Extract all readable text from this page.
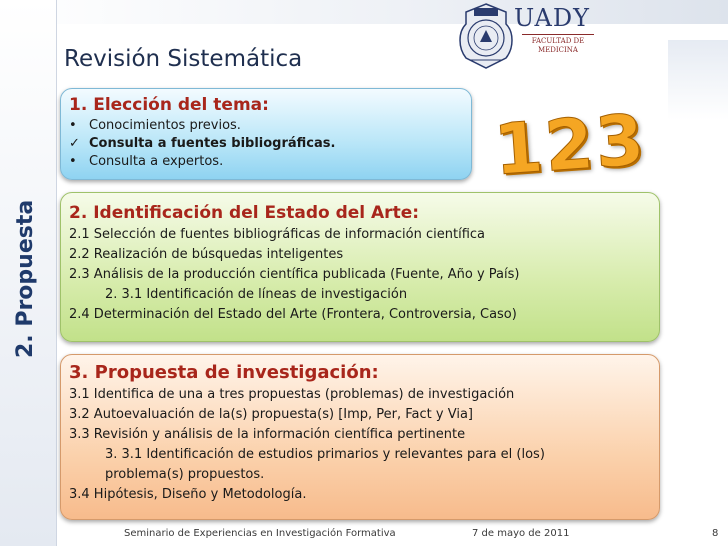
2. Propuesta
Revisión Sistemática
UADY
FACULTAD DE
MEDICINA
123
1. Elección del tema:
• Conocimientos previos.
✓ Consulta a fuentes bibliográficas.
• Consulta a expertos.
2. Identificación del Estado del Arte:
2.1 Selección de fuentes bibliográficas de información científica
2.2 Realización de búsquedas inteligentes
2.3 Análisis de la producción científica publicada (Fuente, Año y País)
2. 3.1 Identificación de líneas de investigación
2.4 Determinación del Estado del Arte (Frontera, Controversia, Caso)
3. Propuesta de investigación:
3.1 Identifica de una a tres propuestas (problemas) de investigación
3.2 Autoevaluación de la(s) propuesta(s) [Imp, Per, Fact y Via]
3.3 Revisión y análisis de la información científica pertinente
3. 3.1 Identificación de estudios primarios y relevantes para el (los)
problema(s) propuestos.
3.4 Hipótesis, Diseño y Metodología.
Seminario de Experiencias en Investigación Formativa	7 de mayo de 2011	8
